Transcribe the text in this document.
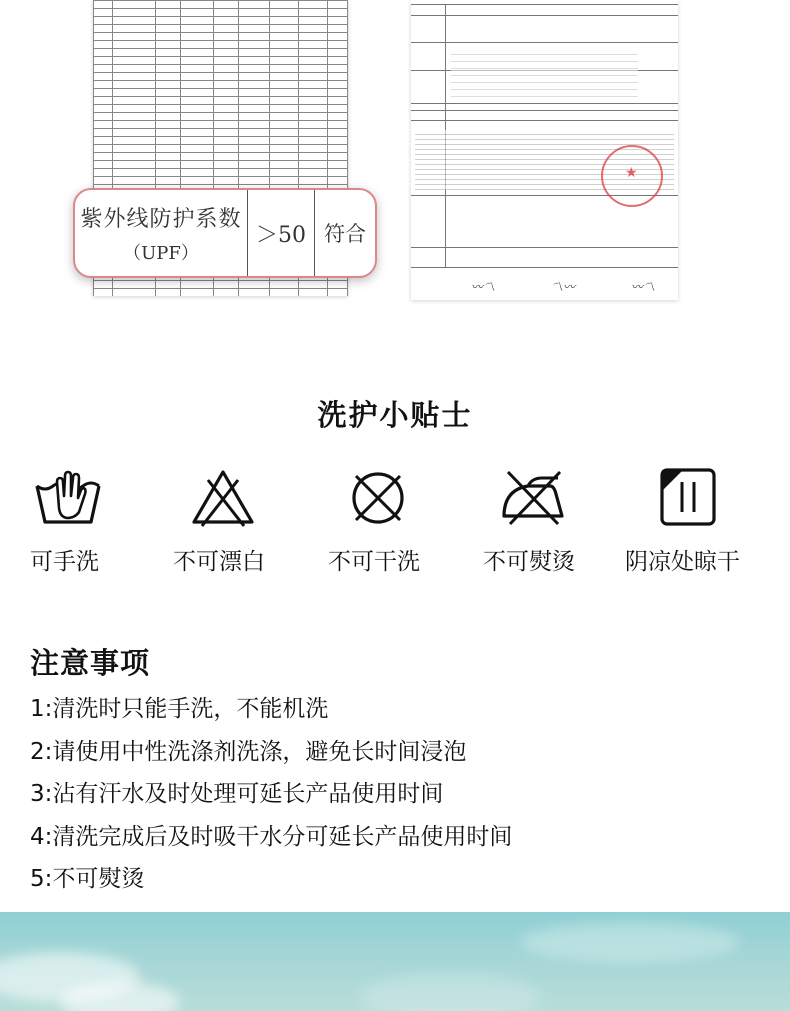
紫外线防护系数
（UPF）
＞50 符合
★
〰〽	〽〰	〰〽
洗护小贴士
可手洗	不可漂白	不可干洗	不可熨烫 阴凉处晾干
注意事项
1:清洗时只能手洗，不能机洗
2:请使用中性洗涤剂洗涤，避免长时间浸泡
3:沾有汗水及时处理可延长产品使用时间
4:清洗完成后及时吸干水分可延长产品使用时间
5:不可熨烫
